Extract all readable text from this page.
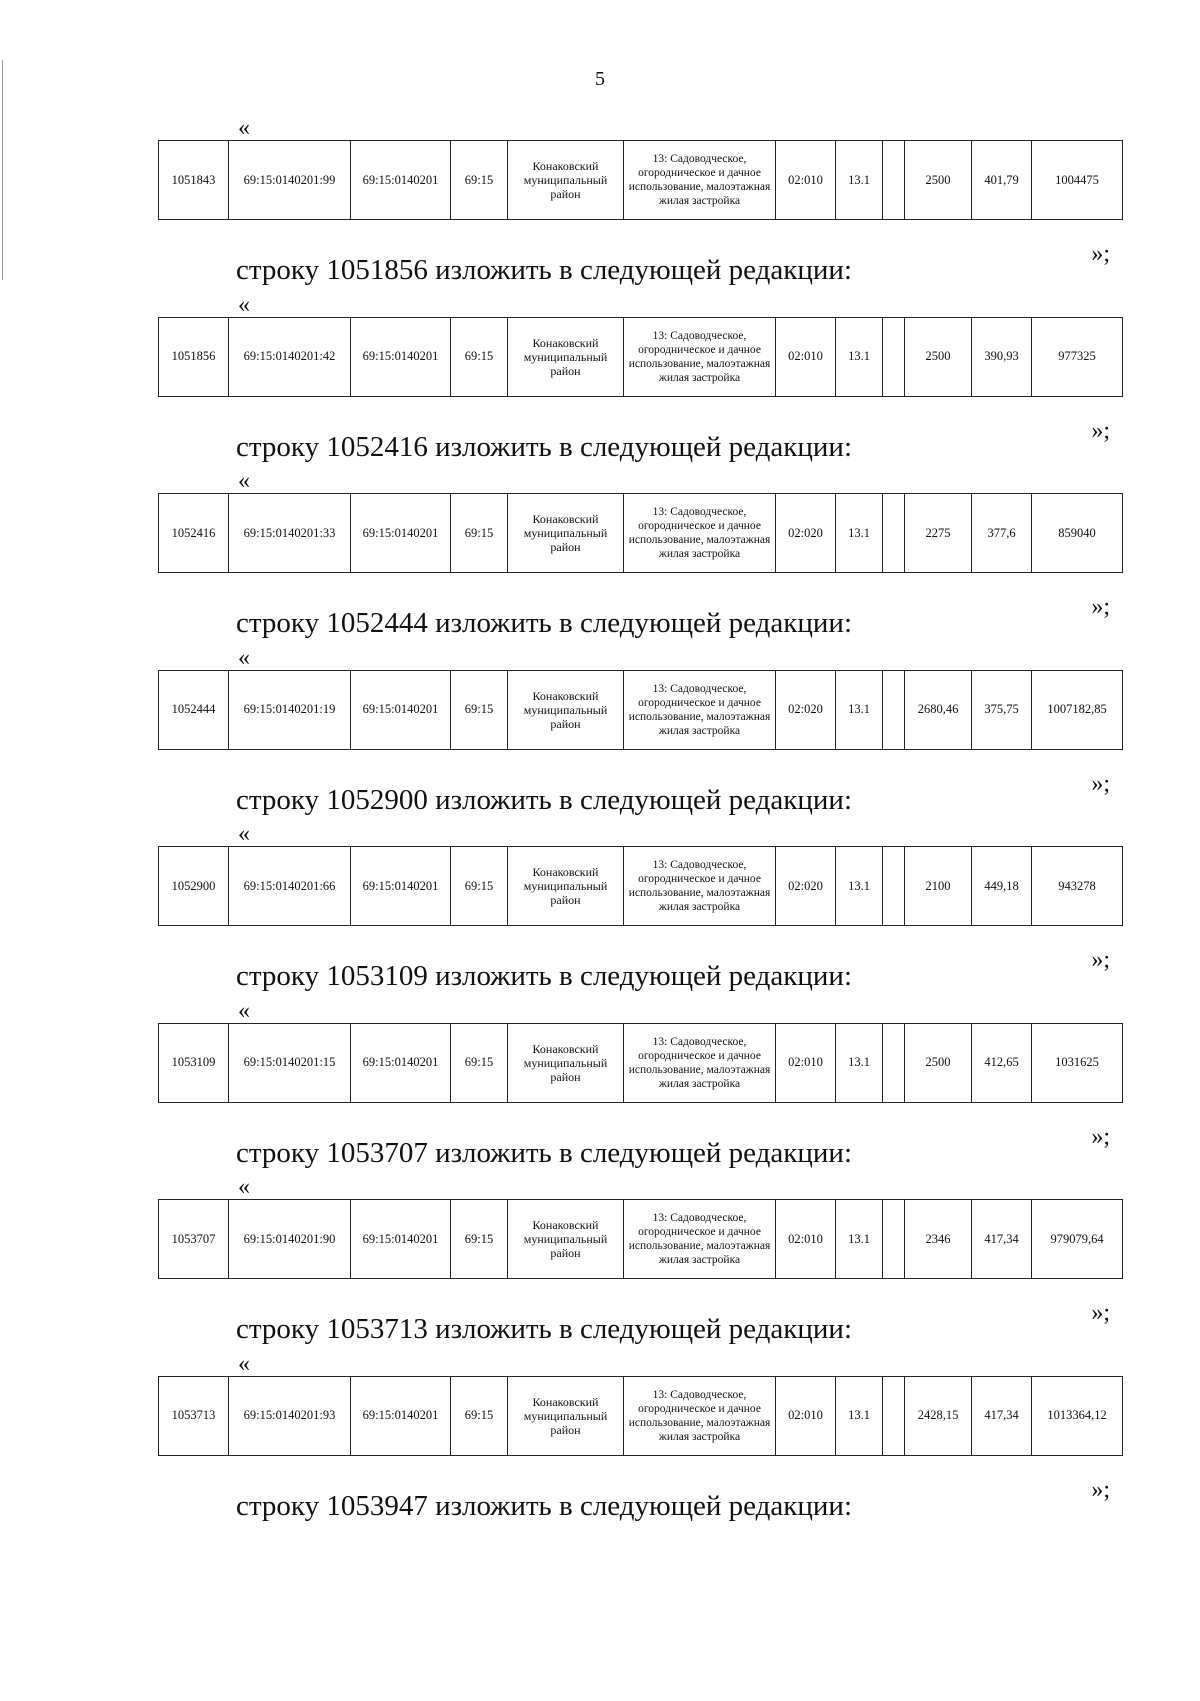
5
«
1051843	69:15:0140201:99	69:15:0140201	69:15	Конаковский муниципальный район	13: Садоводческое, огородническое и дачное использование, малоэтажная жилая застройка	02:010	13.1		2500	401,79	1004475
»;
строку 1051856 изложить в следующей редакции:
«
1051856	69:15:0140201:42	69:15:0140201	69:15	Конаковский муниципальный район	13: Садоводческое, огородническое и дачное использование, малоэтажная жилая застройка	02:010	13.1		2500	390,93	977325
»;
строку 1052416 изложить в следующей редакции:
«
1052416	69:15:0140201:33	69:15:0140201	69:15	Конаковский муниципальный район	13: Садоводческое, огородническое и дачное использование, малоэтажная жилая застройка	02:020	13.1		2275	377,6	859040
»;
строку 1052444 изложить в следующей редакции:
«
1052444	69:15:0140201:19	69:15:0140201	69:15	Конаковский муниципальный район	13: Садоводческое, огородническое и дачное использование, малоэтажная жилая застройка	02:020	13.1		2680,46	375,75	1007182,85
»;
строку 1052900 изложить в следующей редакции:
«
1052900	69:15:0140201:66	69:15:0140201	69:15	Конаковский муниципальный район	13: Садоводческое, огородническое и дачное использование, малоэтажная жилая застройка	02:020	13.1		2100	449,18	943278
»;
строку 1053109 изложить в следующей редакции:
«
1053109	69:15:0140201:15	69:15:0140201	69:15	Конаковский муниципальный район	13: Садоводческое, огородническое и дачное использование, малоэтажная жилая застройка	02:010	13.1		2500	412,65	1031625
»;
строку 1053707 изложить в следующей редакции:
«
1053707	69:15:0140201:90	69:15:0140201	69:15	Конаковский муниципальный район	13: Садоводческое, огородническое и дачное использование, малоэтажная жилая застройка	02:010	13.1		2346	417,34	979079,64
»;
строку 1053713 изложить в следующей редакции:
«
1053713	69:15:0140201:93	69:15:0140201	69:15	Конаковский муниципальный район	13: Садоводческое, огородническое и дачное использование, малоэтажная жилая застройка	02:010	13.1		2428,15	417,34	1013364,12
»;
строку 1053947 изложить в следующей редакции:
